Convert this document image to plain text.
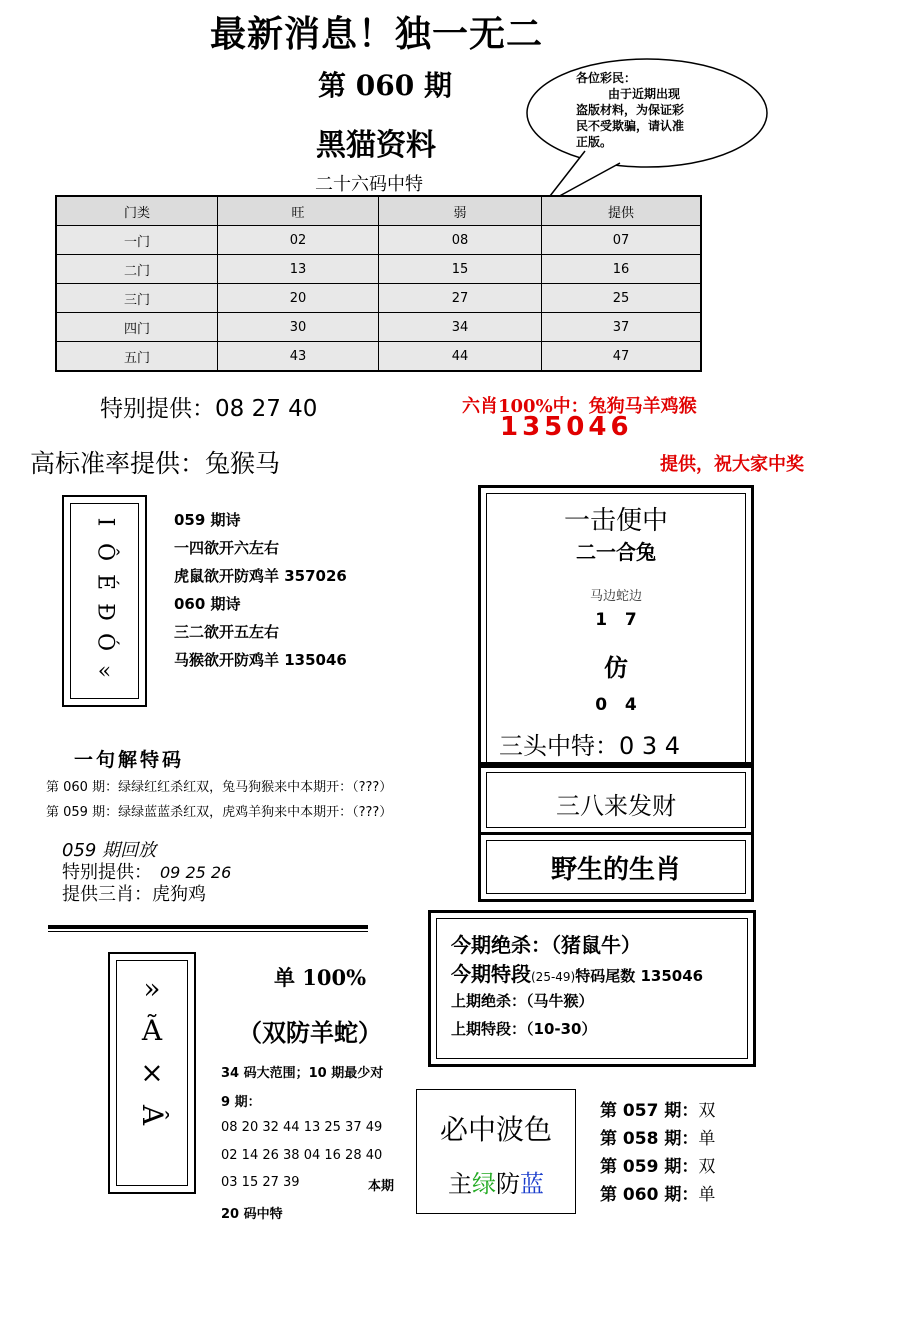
最新消息！独一无二
第 060 期
黑猫资料
二十六码中特
各位彩民：
由于近期出现
盗版材料，为保证彩
民不受欺骗，请认准
正版。
门类	旺	弱	提供
一门	02	08	07
二门	13	15	16
三门	20	27	25
四门	30	34	37
五门	43	44	47
特别提供：08 27 40	六肖100%中：兔狗马羊鸡猴
135046
提供，祝大家中奖
高标准率提供：兔猴马
I
Ô
É
Ð
Ó
«
059 期诗
一四欲开六左右
虎鼠欲开防鸡羊 357026
060 期诗
三二欲开五左右
马猴欲开防鸡羊 135046
一击便中
二一合兔
马边蛇边
1   7
仿
0   4
三头中特：0 3 4
三八来发财
野生的生肖
一句解特码
第 060 期：绿绿红红杀红双，兔马狗猴来中本期开：（???）
第 059 期：绿绿蓝蓝杀红双，虎鸡羊狗来中本期开：（???）
059 期回放
特别提供： 09 25 26
提供三肖：虎狗鸡
今期绝杀：（猪鼠牛）
今期特段(25-49)特码尾数 135046
上期绝杀：（马牛猴）
上期特段：（10-30）
»
Ã
×
Â
单 100%
（双防羊蛇）
34 码大范围；10 期最少对
9 期：
08 20 32 44 13 25 37 49
02 14 26 38 04 16 28 40
03 15 27 39	本期
20 码中特
必中波色
主绿防蓝
第 057 期：双
第 058 期：单
第 059 期：双
第 060 期：单
